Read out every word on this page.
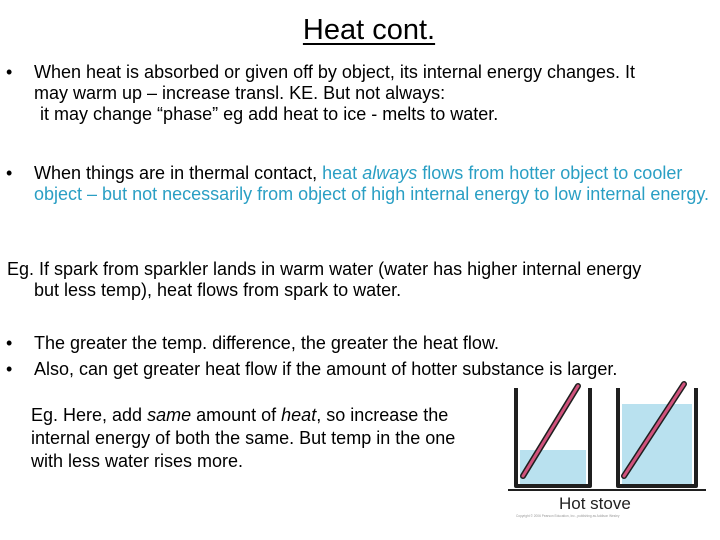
Heat cont.
• When heat is absorbed or given off by object, its internal energy changes. It
may warm up – increase transl. KE. But not always:
it may change “phase” eg add heat to ice - melts to water.
• When things are in thermal contact, heat always flows from hotter object to cooler object – but not necessarily from object of high internal energy to low internal energy.
Eg. If spark from sparkler lands in warm water (water has higher internal energy
but less temp), heat flows from spark to water.
• The greater the temp. difference, the greater the heat flow.
• Also, can get greater heat flow if the amount of hotter substance is larger.
Eg. Here, add same amount of heat, so increase the internal energy of both the same. But temp in the one with less water rises more.
Hot stove
Copyright © 2006 Pearson Education, Inc., publishing as Addison Wesley
